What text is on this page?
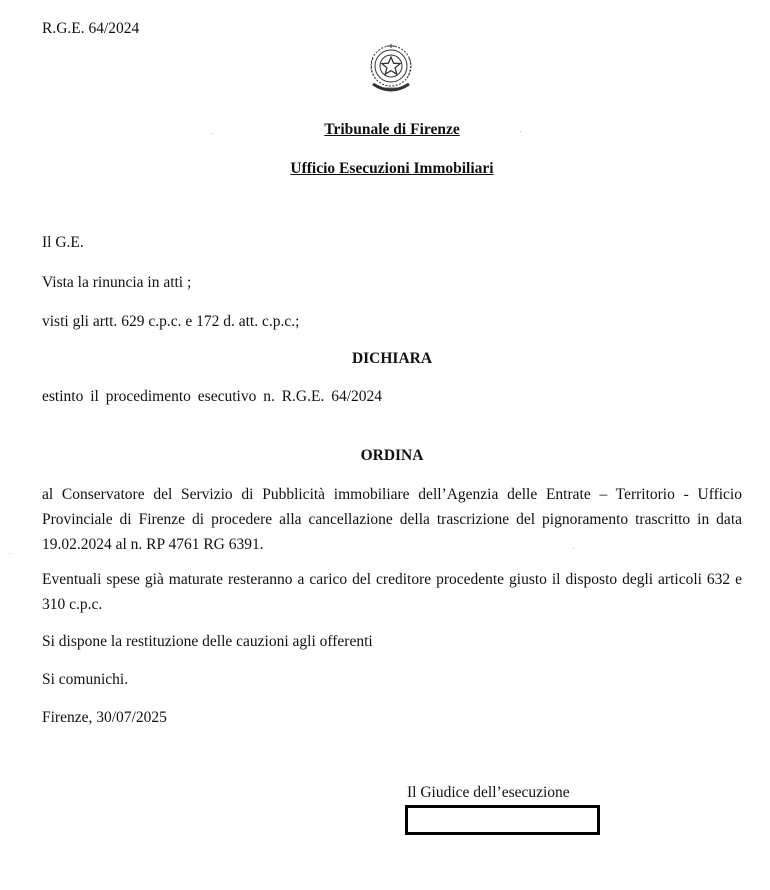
R.G.E. 64/2024
Tribunale di Firenze
Ufficio Esecuzioni Immobiliari
Il G.E.
Vista la rinuncia in atti ;
visti gli artt. 629 c.p.c. e 172 d. att. c.p.c.;
DICHIARA
estinto il procedimento esecutivo n. R.G.E. 64/2024
ORDINA
al Conservatore del Servizio di Pubblicità immobiliare dell’Agenzia delle Entrate – Territorio - Ufficio Provinciale di Firenze di procedere alla cancellazione della trascrizione del pignoramento trascritto in data 19.02.2024 al n. RP 4761 RG 6391.
Eventuali spese già maturate resteranno a carico del creditore procedente giusto il disposto degli articoli 632 e 310 c.p.c.
Si dispone la restituzione delle cauzioni agli offerenti
Si comunichi.
Firenze, 30/07/2025
Il Giudice dell’esecuzione
